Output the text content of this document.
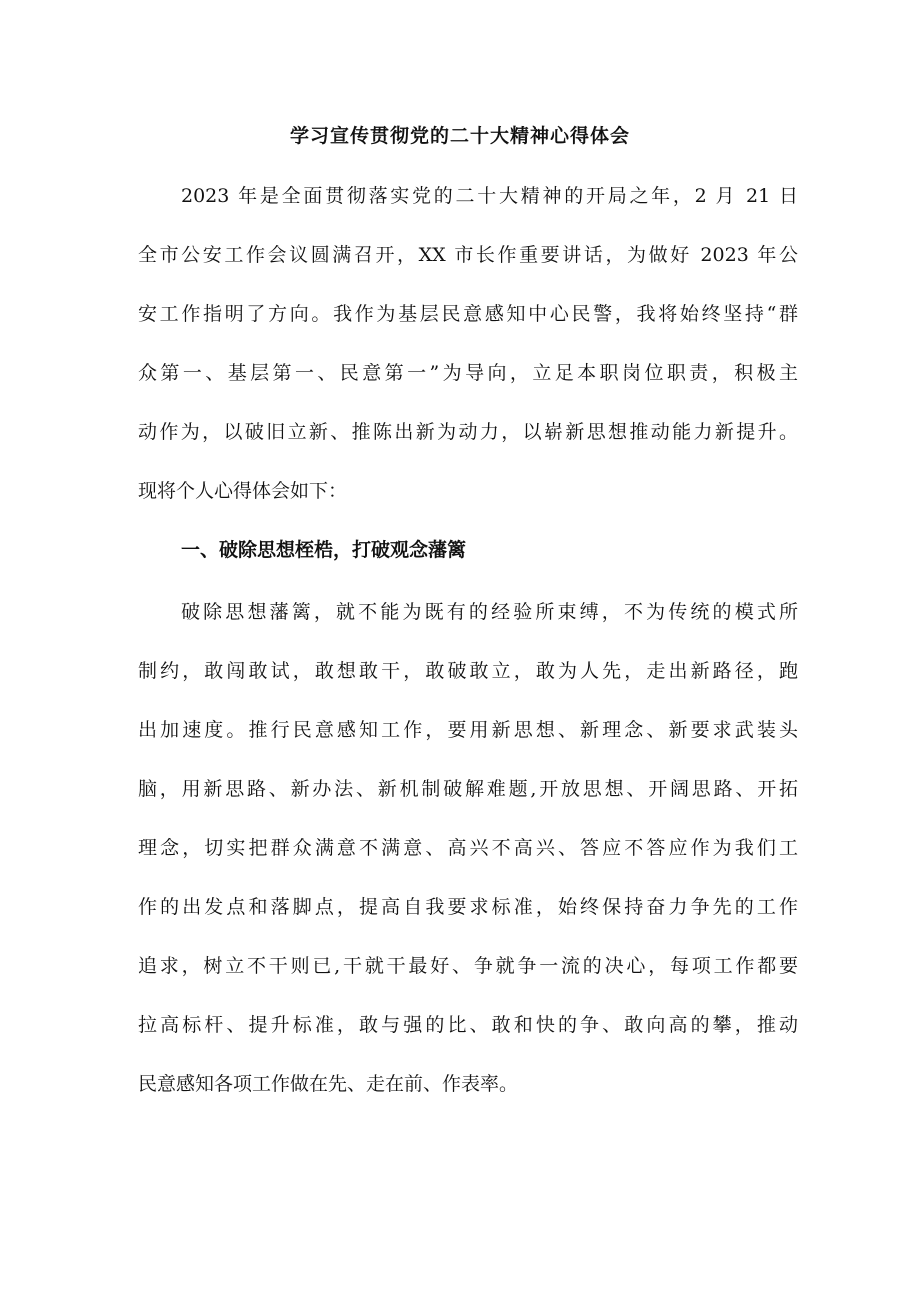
学习宣传贯彻党的二十大精神心得体会
2023 年是全面贯彻落实党的二十大精神的开局之年，2 月 21 日
全市公安工作会议圆满召开，XX 市长作重要讲话，为做好 2023 年公
安工作指明了方向。我作为基层民意感知中心民警，我将始终坚持“群
众第一、基层第一、民意第一”为导向，立足本职岗位职责，积极主
动作为，以破旧立新、推陈出新为动力，以崭新思想推动能力新提升。
现将个人心得体会如下：
一、破除思想桎梏，打破观念藩篱
破除思想藩篱，就不能为既有的经验所束缚，不为传统的模式所
制约，敢闯敢试，敢想敢干，敢破敢立，敢为人先，走出新路径，跑
出加速度。推行民意感知工作，要用新思想、新理念、新要求武装头
脑，用新思路、新办法、新机制破解难题,开放思想、开阔思路、开拓
理念，切实把群众满意不满意、高兴不高兴、答应不答应作为我们工
作的出发点和落脚点，提高自我要求标准，始终保持奋力争先的工作
追求，树立不干则已,干就干最好、争就争一流的决心，每项工作都要
拉高标杆、提升标准，敢与强的比、敢和快的争、敢向高的攀，推动
民意感知各项工作做在先、走在前、作表率。
